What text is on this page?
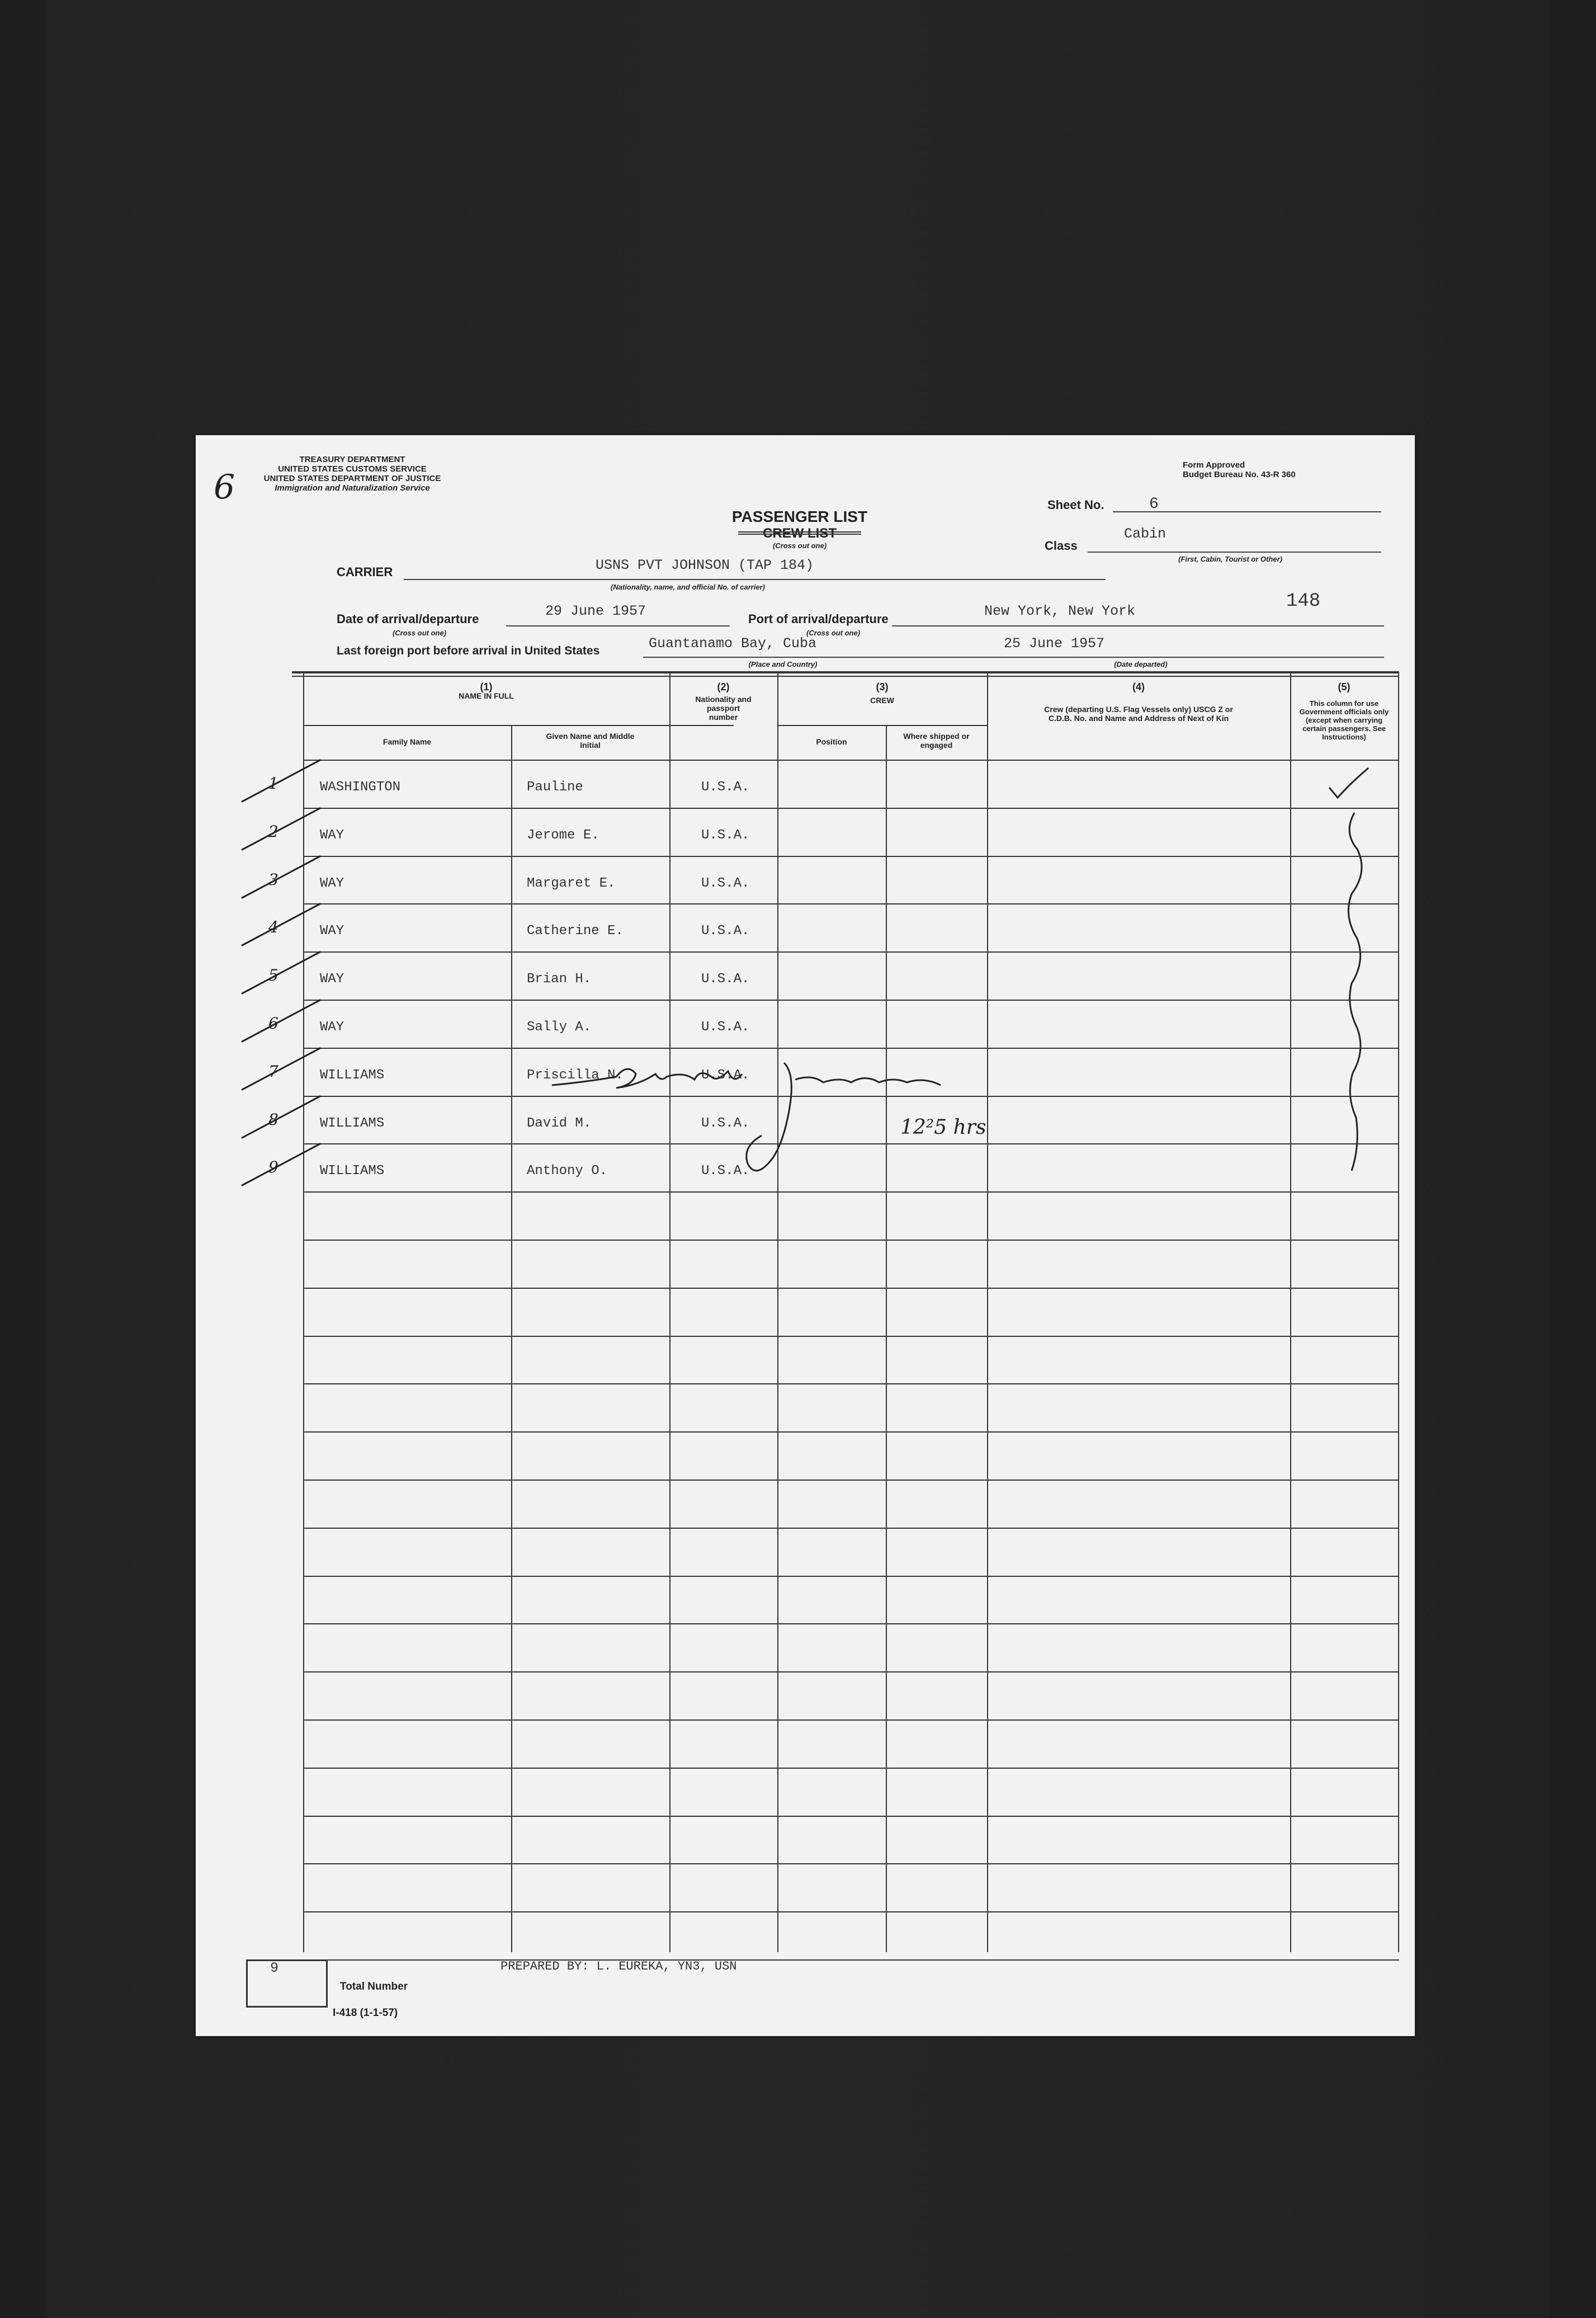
6
TREASURY DEPARTMENT
UNITED STATES CUSTOMS SERVICE
UNITED STATES DEPARTMENT OF JUSTICE
Immigration and Naturalization Service
Form Approved
Budget Bureau No. 43-R 360
PASSENGER LIST
CREW LIST
(Cross out one)
Sheet No.	6
Class
Cabin
(First, Cabin, Tourist or Other)
148
CARRIER	USNS PVT JOHNSON (TAP 184)
(Nationality, name, and official No. of carrier)
Date of arrival/departure	29 June 1957
(Cross out one)
Port of arrival/departure	New York, New York
(Cross out one)
Last foreign port before arrival in United States	Guantanamo Bay, Cuba
(Place and Country)
25 June 1957
(Date departed)
(1)
NAME IN FULL
Family Name
Given Name and Middle Initial
(2)
Nationality and passport number
(3)
CREW
Position
Where shipped or engaged
(4)
Crew (departing U.S. Flag Vessels only) USCG Z or C.D.B. No. and Name and Address of Next of Kin
(5)
This column for use Government officials only (except when carrying certain passengers. See Instructions)
1	WASHINGTON	Pauline	U.S.A.
2	WAY	Jerome E.	U.S.A.
3	WAY	Margaret E.	U.S.A.
4	WAY	Catherine E.	U.S.A.
5	WAY	Brian H.	U.S.A.
6	WAY	Sally A.	U.S.A.
7	WILLIAMS	Priscilla N.	U.S.A.
8	WILLIAMS	David M.	U.S.A.
9	WILLIAMS	Anthony O.	U.S.A.
12²5 hrs
9
Total Number
PREPARED BY: L. EUREKA, YN3, USN
I-418 (1-1-57)
